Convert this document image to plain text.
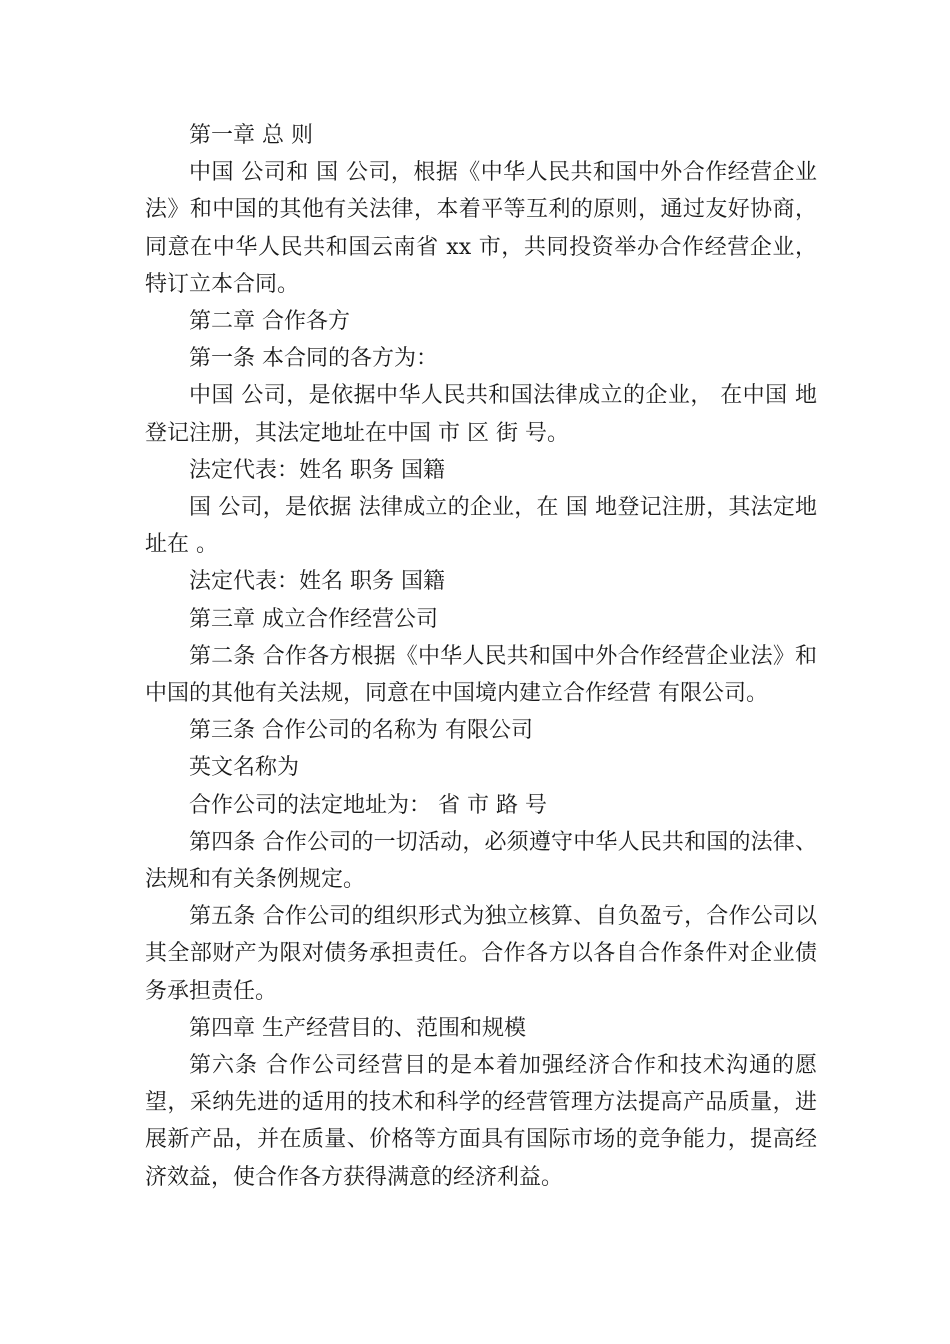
第一章 总 则

中国 公司和 国 公司，根据《中华人民共和国中外合作经营企业法》和中国的其他有关法律，本着平等互利的原则，通过友好协商，同意在中华人民共和国云南省 xx 市，共同投资举办合作经营企业，特订立本合同。

第二章 合作各方

第一条 本合同的各方为：

中国 公司，是依据中华人民共和国法律成立的企业， 在中国 地登记注册，其法定地址在中国 市 区 街 号。

法定代表：姓名 职务 国籍

国 公司，是依据 法律成立的企业，在 国 地登记注册，其法定地址在 。

法定代表：姓名 职务 国籍

第三章 成立合作经营公司

第二条 合作各方根据《中华人民共和国中外合作经营企业法》和中国的其他有关法规，同意在中国境内建立合作经营 有限公司。

第三条 合作公司的名称为 有限公司

英文名称为

合作公司的法定地址为： 省 市 路 号

第四条 合作公司的一切活动，必须遵守中华人民共和国的法律、法规和有关条例规定。

第五条 合作公司的组织形式为独立核算、自负盈亏，合作公司以其全部财产为限对债务承担责任。合作各方以各自合作条件对企业债务承担责任。

第四章 生产经营目的、范围和规模

第六条 合作公司经营目的是本着加强经济合作和技术沟通的愿望，采纳先进的适用的技术和科学的经营管理方法提高产品质量，进展新产品，并在质量、价格等方面具有国际市场的竞争能力，提高经济效益，使合作各方获得满意的经济利益。
